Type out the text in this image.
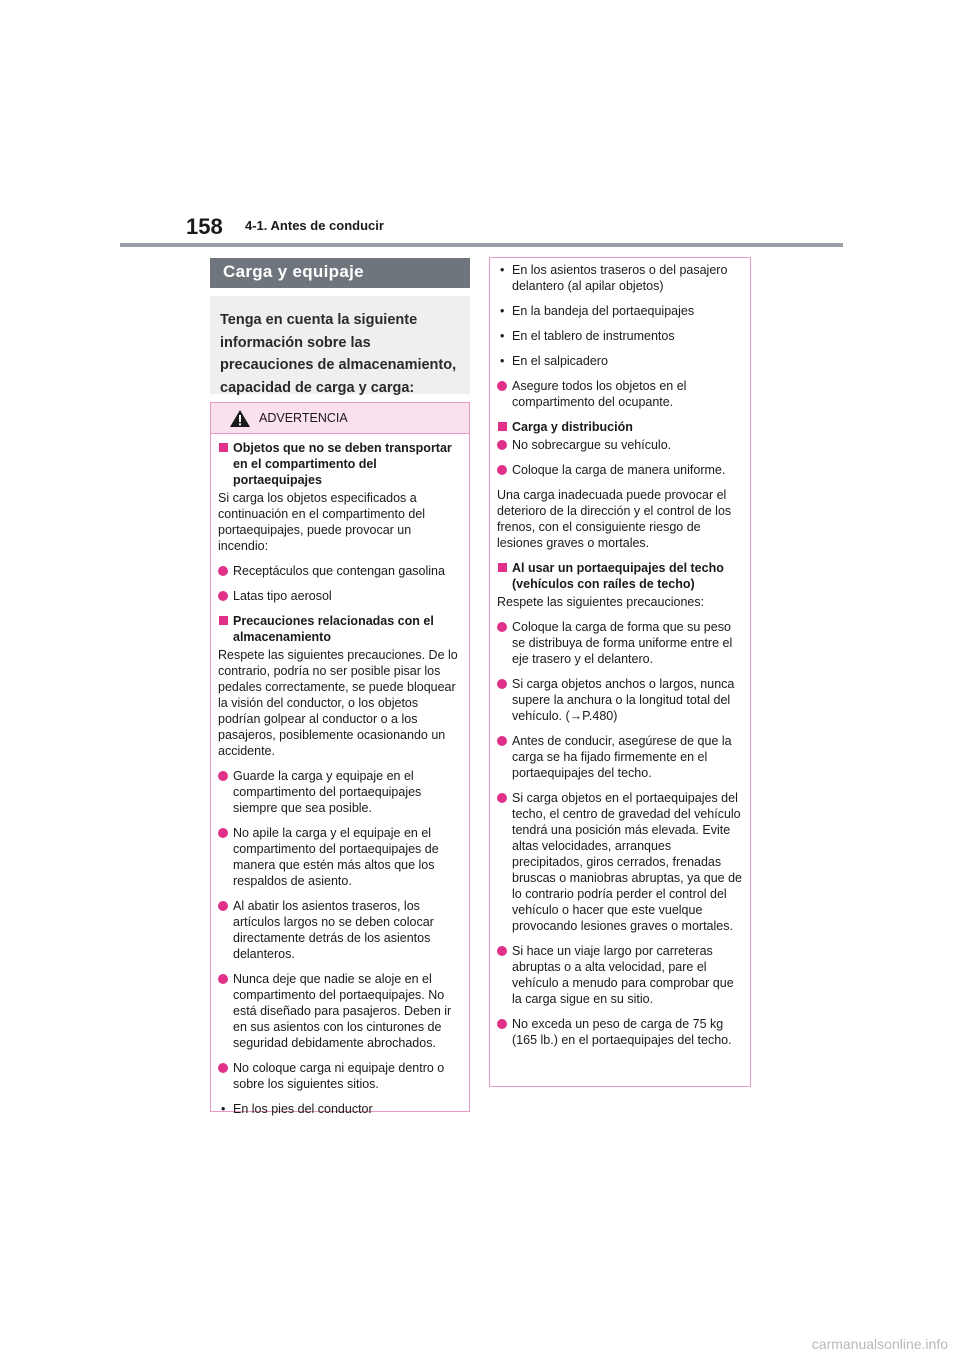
158 4-1. Antes de conducir
Carga y equipaje
Tenga en cuenta la siguiente información sobre las precauciones de almacenamiento, capacidad de carga y carga:
ADVERTENCIA
Objetos que no se deben transportar en el compartimento del portaequipajes
Si carga los objetos especificados a continuación en el compartimento del portaequipajes, puede provocar un incendio:
Receptáculos que contengan gasolina
Latas tipo aerosol
Precauciones relacionadas con el almacenamiento
Respete las siguientes precauciones. De lo contrario, podría no ser posible pisar los pedales correctamente, se puede bloquear la visión del conductor, o los objetos podrían golpear al conductor o a los pasajeros, posiblemente ocasionando un accidente.
Guarde la carga y equipaje en el compartimento del portaequipajes siempre que sea posible.
No apile la carga y el equipaje en el compartimento del portaequipajes de manera que estén más altos que los respaldos de asiento.
Al abatir los asientos traseros, los artículos largos no se deben colocar directamente detrás de los asientos delanteros.
Nunca deje que nadie se aloje en el compartimento del portaequipajes. No está diseñado para pasajeros. Deben ir en sus asientos con los cinturones de seguridad debidamente abrochados.
No coloque carga ni equipaje dentro o sobre los siguientes sitios.
• En los pies del conductor
• En los asientos traseros o del pasajero delantero (al apilar objetos)
• En la bandeja del portaequipajes
• En el tablero de instrumentos
• En el salpicadero
Asegure todos los objetos en el compartimento del ocupante.
Carga y distribución
No sobrecargue su vehículo.
Coloque la carga de manera uniforme.
Una carga inadecuada puede provocar el deterioro de la dirección y el control de los frenos, con el consiguiente riesgo de lesiones graves o mortales.
Al usar un portaequipajes del techo (vehículos con raíles de techo)
Respete las siguientes precauciones:
Coloque la carga de forma que su peso se distribuya de forma uniforme entre el eje trasero y el delantero.
Si carga objetos anchos o largos, nunca supere la anchura o la longitud total del vehículo. (→P.480)
Antes de conducir, asegúrese de que la carga se ha fijado firmemente en el portaequipajes del techo.
Si carga objetos en el portaequipajes del techo, el centro de gravedad del vehículo tendrá una posición más elevada. Evite altas velocidades, arranques precipitados, giros cerrados, frenadas bruscas o maniobras abruptas, ya que de lo contrario podría perder el control del vehículo o hacer que este vuelque provocando lesiones graves o mortales.
Si hace un viaje largo por carreteras abruptas o a alta velocidad, pare el vehículo a menudo para comprobar que la carga sigue en su sitio.
No exceda un peso de carga de 75 kg (165 lb.) en el portaequipajes del techo.
carmanualsonline.info
